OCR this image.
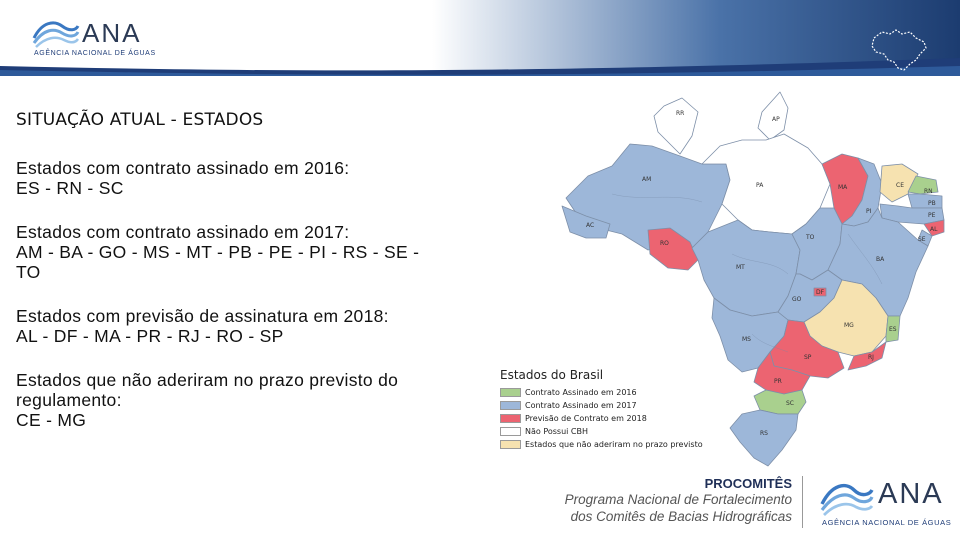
ANA
AGÊNCIA NACIONAL DE ÁGUAS
SITUAÇÃO ATUAL - ESTADOS
Estados com contrato assinado em 2016:
ES - RN - SC
Estados com contrato assinado em 2017:
AM - BA - GO - MS - MT - PB - PE - PI - RS - SE -
TO
Estados com previsão de assinatura em 2018:
AL - DF - MA - PR - RJ - RO - SP
Estados que não aderiram no prazo previsto do
regulamento:
CE - MG
RR
AP
AM
PA	MA	CE
RN
PB
PE
AL
SE
PI
TO
BA
AC
RO
MT
DF
GO
MG
ES
MS
SP	RJ
PR
SC
RS
Estados do Brasil
Contrato Assinado em 2016
Contrato Assinado em 2017
Previsão de Contrato em 2018
Não Possui CBH
Estados que não aderiram no prazo previsto
PROCOMITÊS
Programa Nacional de Fortalecimento
dos Comitês de Bacias Hidrográficas
ANA
AGÊNCIA NACIONAL DE ÁGUAS
